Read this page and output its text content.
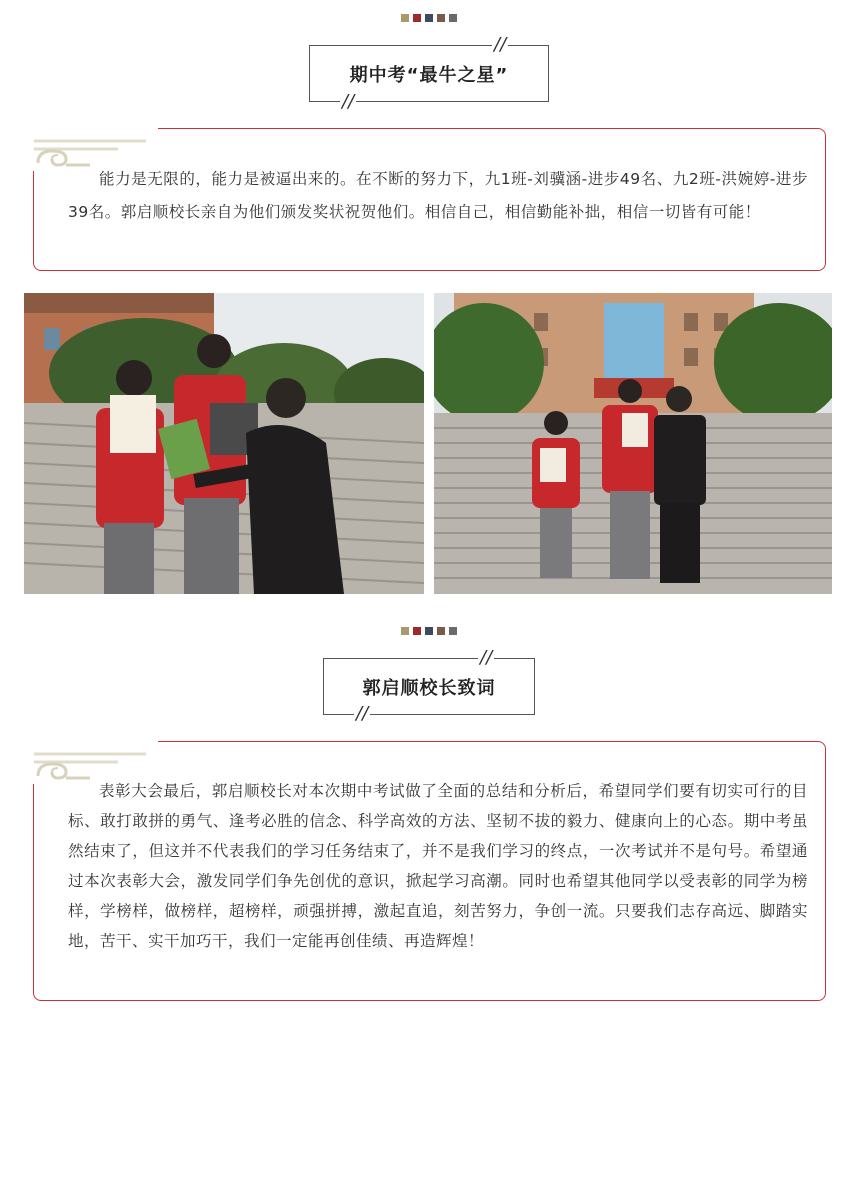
期中考“最牛之星”
//
//
能力是无限的，能力是被逼出来的。在不断的努力下，九1班-刘骥涵-进步49名、九2班-洪婉婷-进步39名。郭启顺校长亲自为他们颁发奖状祝贺他们。相信自己，相信勤能补拙，相信一切皆有可能！
郭启顺校长致词
//
//
表彰大会最后，郭启顺校长对本次期中考试做了全面的总结和分析后，希望同学们要有切实可行的目标、敢打敢拼的勇气、逢考必胜的信念、科学高效的方法、坚韧不拔的毅力、健康向上的心态。期中考虽然结束了，但这并不代表我们的学习任务结束了，并不是我们学习的终点，一次考试并不是句号。希望通过本次表彰大会，激发同学们争先创优的意识，掀起学习高潮。同时也希望其他同学以受表彰的同学为榜样，学榜样，做榜样，超榜样，顽强拼搏，激起直追，刻苦努力，争创一流。只要我们志存高远、脚踏实地，苦干、实干加巧干，我们一定能再创佳绩、再造辉煌！
